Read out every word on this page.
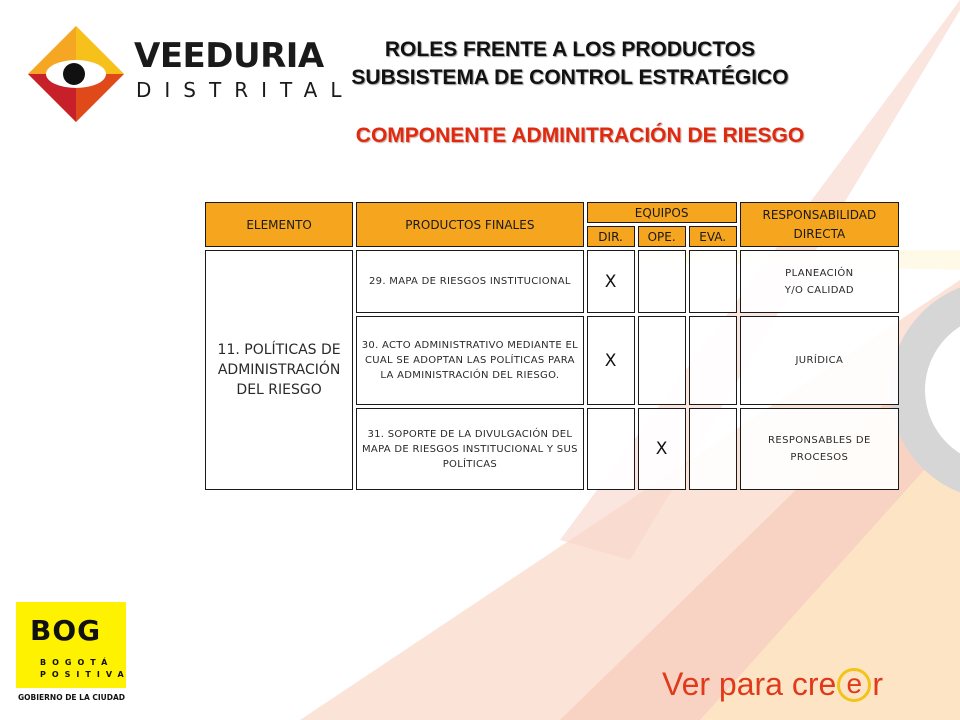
VEEDURIA
DISTRITAL
ROLES FRENTE A LOS PRODUCTOS
SUBSISTEMA DE CONTROL ESTRATÉGICO
COMPONENTE ADMINITRACIÓN DE RIESGO
ELEMENTO	PRODUCTOS FINALES	EQUIPOS			RESPONSABILIDAD DIRECTA
		DIR.	OPE.	EVA.	
11. POLÍTICAS DE ADMINISTRACIÓN DEL RIESGO	29. MAPA DE RIESGOS INSTITUCIONAL	X			PLANEACIÓN Y/O CALIDAD
	30. ACTO ADMINISTRATIVO MEDIANTE EL CUAL SE ADOPTAN LAS POLÍTICAS PARA LA ADMINISTRACIÓN DEL RIESGO.	X			JURÍDICA
	31. SOPORTE DE LA DIVULGACIÓN DEL MAPA DE RIESGOS INSTITUCIONAL Y SUS POLÍTICAS		X		RESPONSABLES DE PROCESOS
BOG
BOGOTÁ
POSITIVA
GOBIERNO DE LA CIUDAD	Ver para cre e r
